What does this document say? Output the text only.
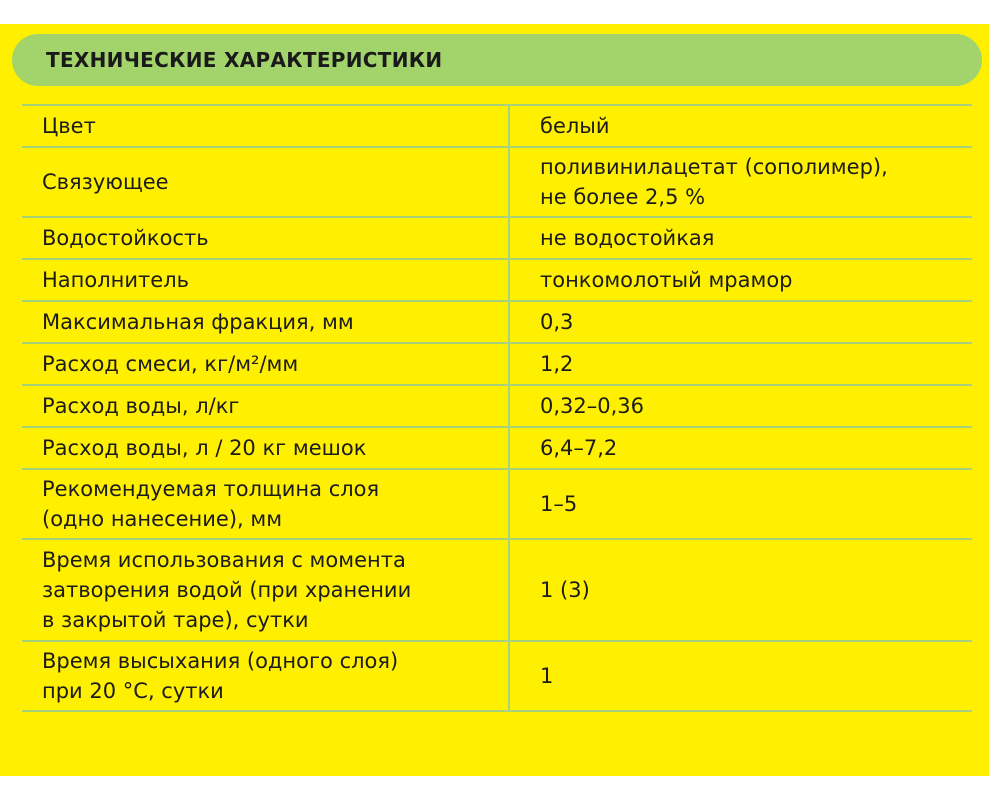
ТЕХНИЧЕСКИЕ ХАРАКТЕРИСТИКИ
Цвет	белый
Связующее	поливинилацетат (сополимер),
не более 2,5 %
Водостойкость	не водостойкая
Наполнитель	тонкомолотый мрамор
Максимальная фракция, мм	0,3
Расход смеси, кг/м²/мм	1,2
Расход воды, л/кг	0,32–0,36
Расход воды, л / 20 кг мешок	6,4–7,2
Рекомендуемая толщина слоя
(одно нанесение), мм	1–5
Время использования с момента
затворения водой (при хранении
в закрытой таре), сутки	1 (3)
Время высыхания (одного слоя)
при 20 °С, сутки	1
